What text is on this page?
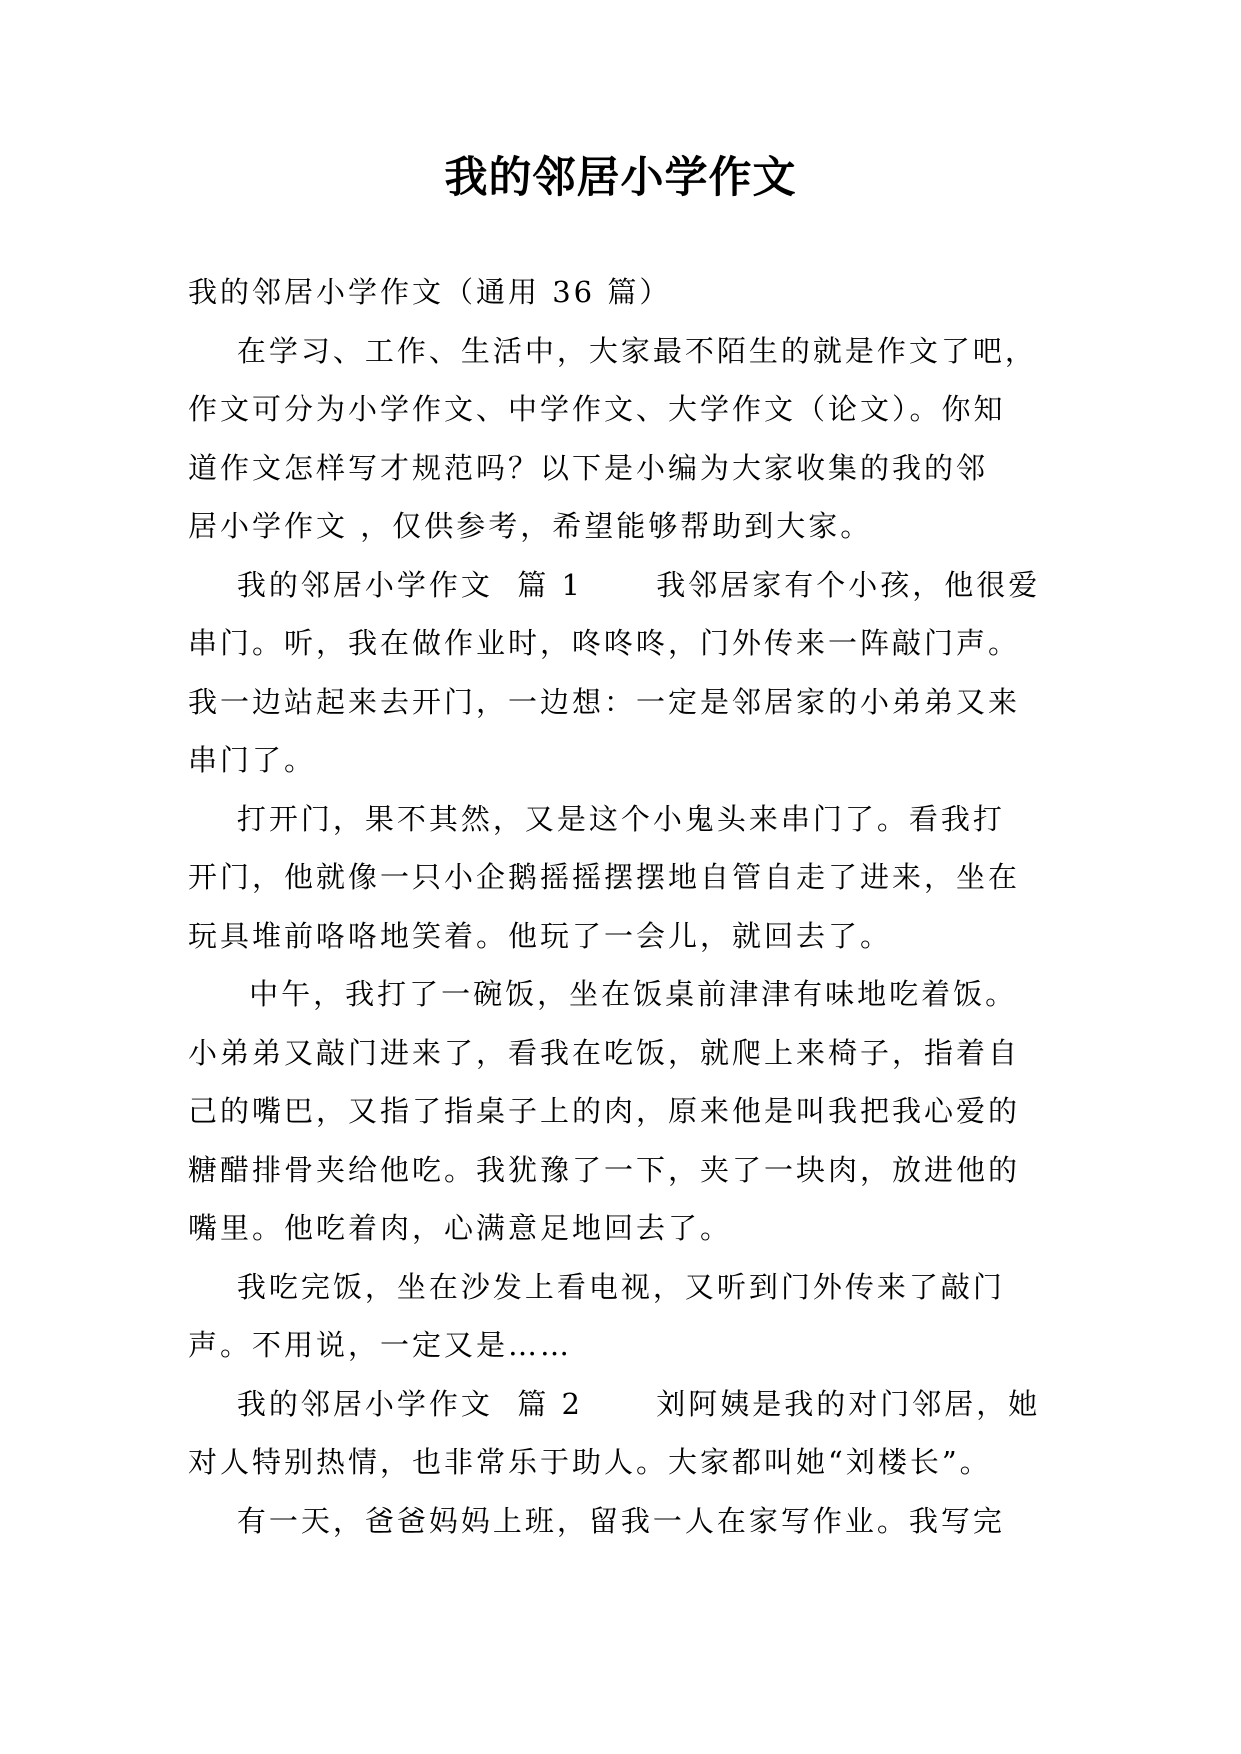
我的邻居小学作文
我的邻居小学作文（通用 36 篇）
在学习、工作、生活中，大家最不陌生的就是作文了吧，
作文可分为小学作文、中学作文、大学作文（论文）。你知
道作文怎样写才规范吗？以下是小编为大家收集的我的邻
居小学作文 ，仅供参考，希望能够帮助到大家。
我的邻居小学作文  篇 1      我邻居家有个小孩，他很爱
串门。听，我在做作业时，咚咚咚，门外传来一阵敲门声。
我一边站起来去开门，一边想：一定是邻居家的小弟弟又来
串门了。
打开门，果不其然，又是这个小鬼头来串门了。看我打
开门，他就像一只小企鹅摇摇摆摆地自管自走了进来，坐在
玩具堆前咯咯地笑着。他玩了一会儿，就回去了。
中午，我打了一碗饭，坐在饭桌前津津有味地吃着饭。
小弟弟又敲门进来了，看我在吃饭，就爬上来椅子，指着自
己的嘴巴，又指了指桌子上的肉，原来他是叫我把我心爱的
糖醋排骨夹给他吃。我犹豫了一下，夹了一块肉，放进他的
嘴里。他吃着肉，心满意足地回去了。
我吃完饭，坐在沙发上看电视，又听到门外传来了敲门
声。不用说，一定又是……
我的邻居小学作文  篇 2      刘阿姨是我的对门邻居，她
对人特别热情，也非常乐于助人。大家都叫她“刘楼长”。
有一天，爸爸妈妈上班，留我一人在家写作业。我写完
